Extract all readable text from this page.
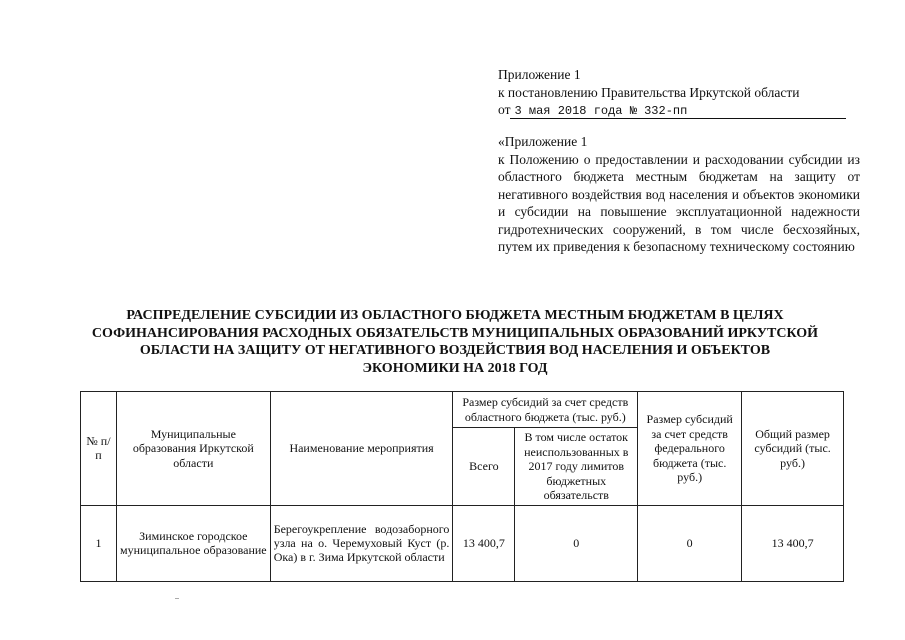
Приложение 1
к постановлению Правительства Иркутской области
от 3 мая 2018 года № 332-пп
«Приложение 1
к Положению о предоставлении и расходовании субсидии из областного бюджета местным бюджетам на защиту от негативного воздействия вод населения и объектов экономики и субсидии на повышение эксплуатационной надежности гидротехнических сооружений, в том числе бесхозяйных, путем их приведения к безопасному техническому состоянию
РАСПРЕДЕЛЕНИЕ СУБСИДИИ ИЗ ОБЛАСТНОГО БЮДЖЕТА МЕСТНЫМ БЮДЖЕТАМ В ЦЕЛЯХ СОФИНАНСИРОВАНИЯ РАСХОДНЫХ ОБЯЗАТЕЛЬСТВ МУНИЦИПАЛЬНЫХ ОБРАЗОВАНИЙ ИРКУТСКОЙ ОБЛАСТИ НА ЗАЩИТУ ОТ НЕГАТИВНОГО ВОЗДЕЙСТВИЯ ВОД НАСЕЛЕНИЯ И ОБЪЕКТОВ ЭКОНОМИКИ НА 2018 ГОД
№ п/п	Муниципальные образования Иркутской области	Наименование мероприятия	Размер субсидий за счет средств областного бюджета (тыс. руб.)		Размер субсидий за счет средств федерального бюджета (тыс. руб.)	Общий размер субсидий (тыс. руб.)
			Всего	В том числе остаток неиспользованных в 2017 году лимитов бюджетных обязательств		
1	Зиминское городское муниципальное образование	Берегоукрепление водозаборного узла на о. Черемуховый Куст (р. Ока) в г. Зима Иркутской области	13 400,7	0	0	13 400,7
